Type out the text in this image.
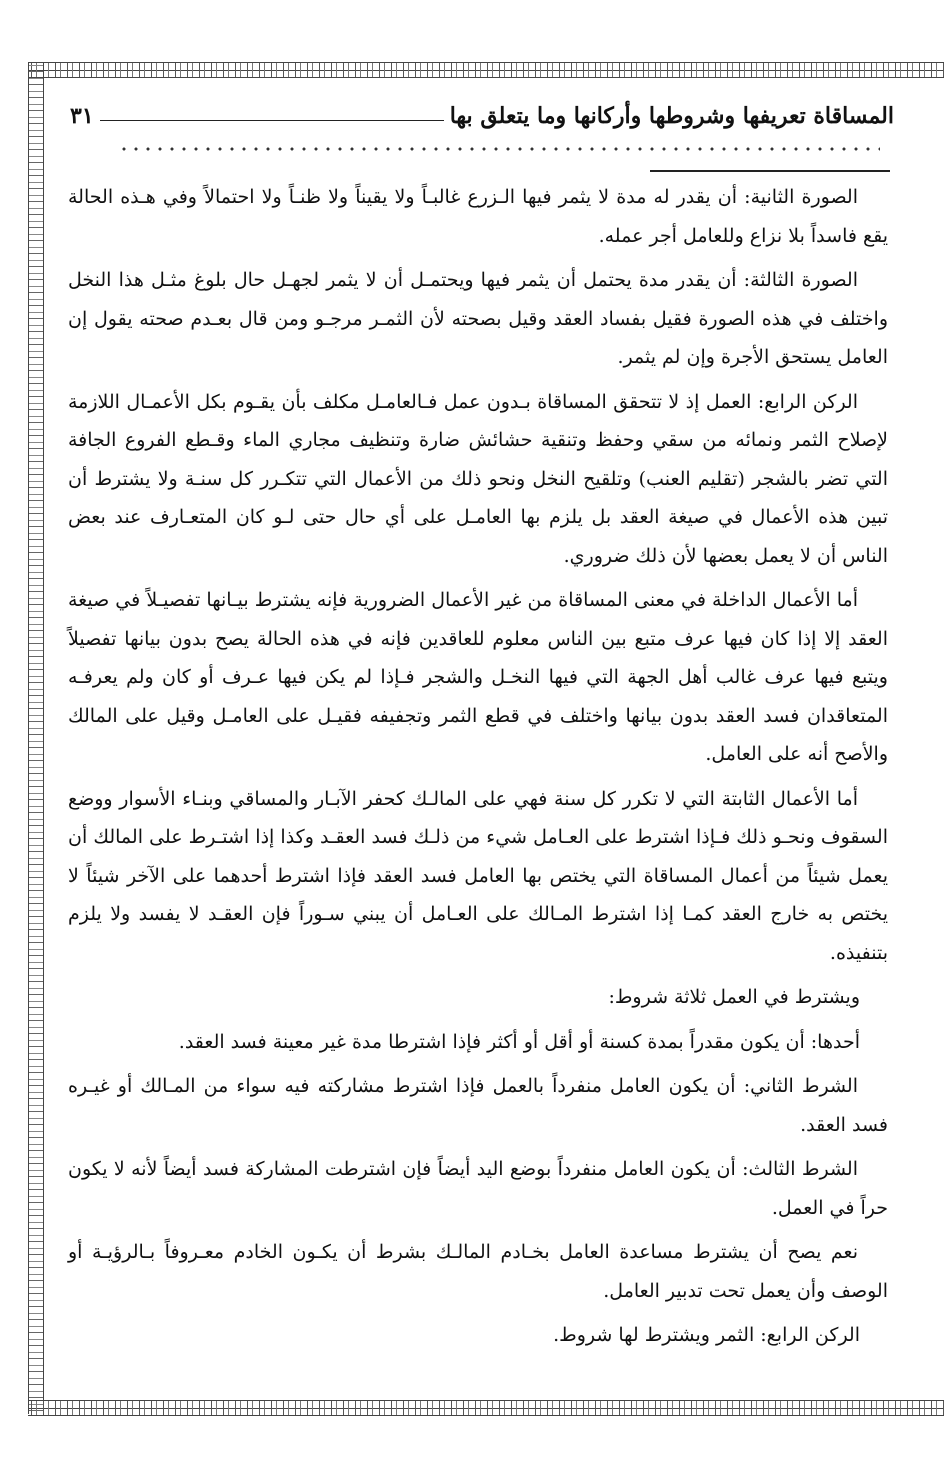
المساقاة تعريفها وشروطها وأركانها وما يتعلق بها
٣١

الصورة الثانية: أن يقدر له مدة لا يثمر فيها الـزرع غالبـاً ولا يقيناً ولا ظنـاً ولا احتمالاً وفي هـذه الحالة يقع فاسداً بلا نزاع وللعامل أجر عمله.

الصورة الثالثة: أن يقدر مدة يحتمل أن يثمر فيها ويحتمـل أن لا يثمر لجهـل حال بلوغ مثـل هذا النخل واختلف في هذه الصورة فقيل بفساد العقد وقيل بصحته لأن الثمـر مرجـو ومن قال بعـدم صحته يقول إن العامل يستحق الأجرة وإن لم يثمر.

الركن الرابع: العمل إذ لا تتحقق المساقاة بـدون عمل فـالعامـل مكلف بأن يقـوم بكل الأعمـال اللازمة لإصلاح الثمر ونمائه من سقي وحفظ وتنقية حشائش ضارة وتنظيف مجاري الماء وقـطع الفروع الجافة التي تضر بالشجر (تقليم العنب) وتلقيح النخل ونحو ذلك من الأعمال التي تتكـرر كل سنـة ولا يشترط أن تبين هذه الأعمال في صيغة العقد بل يلزم بها العامـل على أي حال حتى لـو كان المتعـارف عند بعض الناس أن لا يعمل بعضها لأن ذلك ضروري.

أما الأعمال الداخلة في معنى المساقاة من غير الأعمال الضرورية فإنه يشترط بيـانها تفصيـلاً في صيغة العقد إلا إذا كان فيها عرف متبع بين الناس معلوم للعاقدين فإنه في هذه الحالة يصح بدون بيانها تفصيلاً ويتبع فيها عرف غالب أهل الجهة التي فيها النخـل والشجر فـإذا لم يكن فيها عـرف أو كان ولم يعرفـه المتعاقدان فسد العقد بدون بيانها واختلف في قطع الثمر وتجفيفه فقيـل على العامـل وقيل على المالك والأصح أنه على العامل.

أما الأعمال الثابتة التي لا تكرر كل سنة فهي على المالـك كحفر الآبـار والمساقي وبنـاء الأسوار ووضع السقوف ونحـو ذلك فـإذا اشترط على العـامل شيء من ذلـك فسد العقـد وكذا إذا اشتـرط على المالك أن يعمل شيئاً من أعمال المساقاة التي يختص بها العامل فسد العقد فإذا اشترط أحدهما على الآخر شيئاً لا يختص به خارج العقد كمـا إذا اشترط المـالك على العـامل أن يبني سـوراً فإن العقـد لا يفسد ولا يلزم بتنفيذه.

ويشترط في العمل ثلاثة شروط:

أحدها: أن يكون مقدراً بمدة كسنة أو أقل أو أكثر فإذا اشترطا مدة غير معينة فسد العقد.

الشرط الثاني: أن يكون العامل منفرداً بالعمل فإذا اشترط مشاركته فيه سواء من المـالك أو غيـره فسد العقد.

الشرط الثالث: أن يكون العامل منفرداً بوضع اليد أيضاً فإن اشترطت المشاركة فسد أيضاً لأنه لا يكون حراً في العمل.

نعم يصح أن يشترط مساعدة العامل بخـادم المالـك بشرط أن يكـون الخادم معـروفاً بـالرؤيـة أو الوصف وأن يعمل تحت تدبير العامل.

الركن الرابع: الثمر ويشترط لها شروط.
